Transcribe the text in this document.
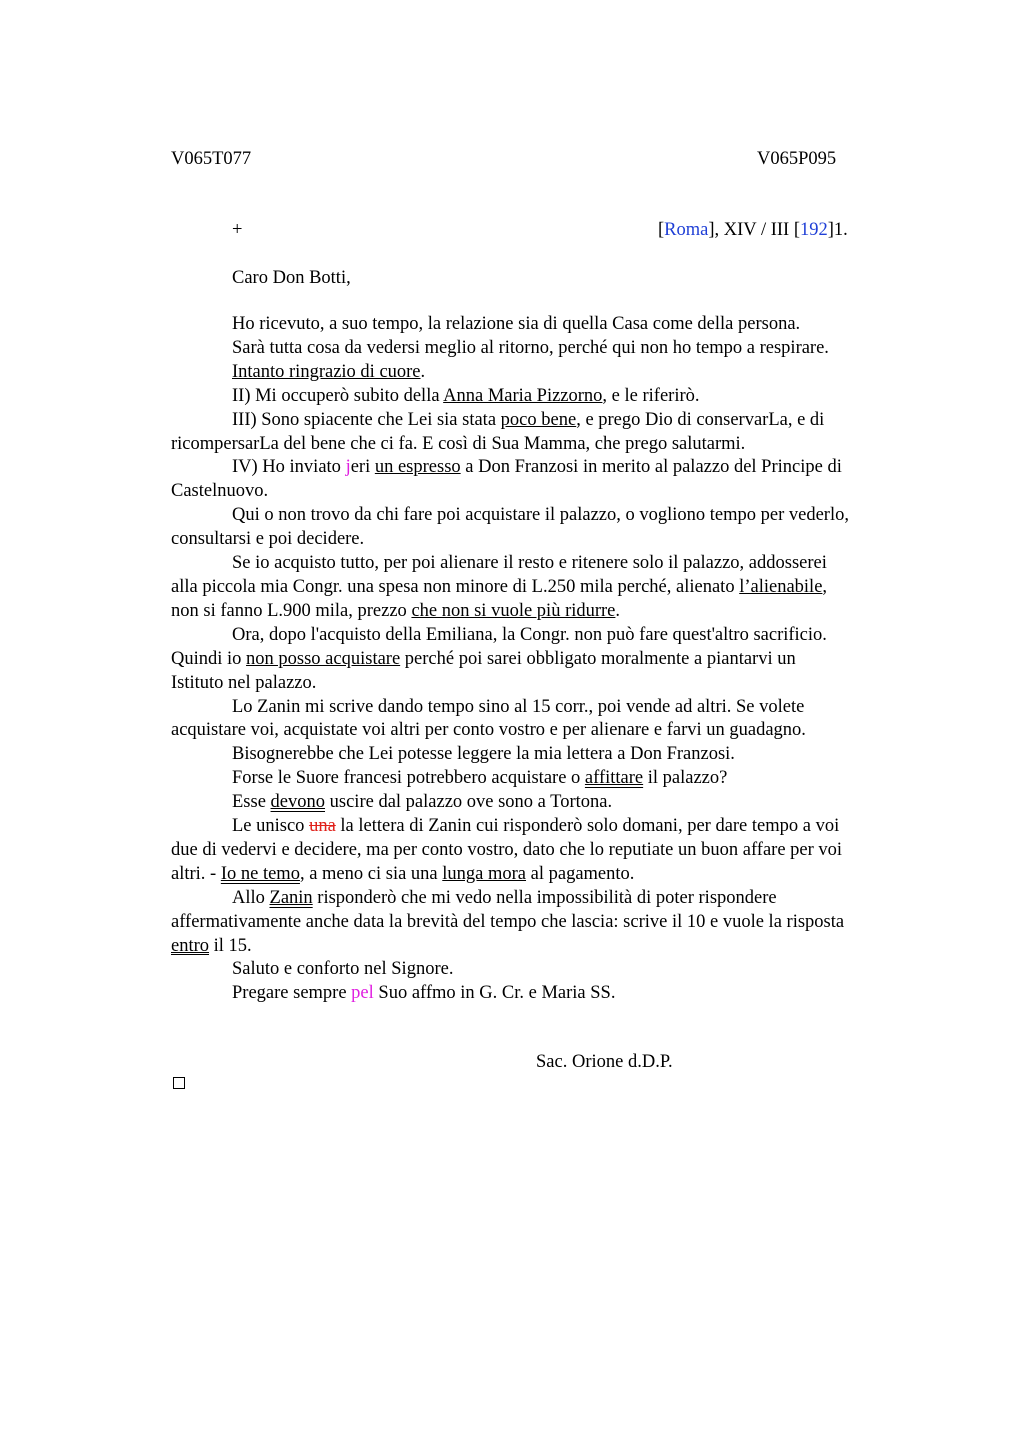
V065T077	V065P095
+	[Roma], XIV / III [192]1.
Caro Don Botti,
Ho ricevuto, a suo tempo, la relazione sia di quella Casa come della persona.
Sarà tutta cosa da vedersi meglio al ritorno, perché qui non ho tempo a respirare.
Intanto ringrazio di cuore.
II) Mi occuperò subito della Anna Maria Pizzorno, e le riferirò.
III) Sono spiacente che Lei sia stata poco bene, e prego Dio di conservarLa, e di
ricompersarLa del bene che ci fa. E così di Sua Mamma, che prego salutarmi.
IV) Ho inviato jeri un espresso a Don Franzosi in merito al palazzo del Principe di
Castelnuovo.
Qui o non trovo da chi fare poi acquistare il palazzo, o vogliono tempo per vederlo,
consultarsi e poi decidere.
Se io acquisto tutto, per poi alienare il resto e ritenere solo il palazzo, addosserei
alla piccola mia Congr. una spesa non minore di L.250 mila perché, alienato l’alienabile,
non si fanno L.900 mila, prezzo che non si vuole più ridurre.
Ora, dopo l'acquisto della Emiliana, la Congr. non può fare quest'altro sacrificio.
Quindi io non posso acquistare perché poi sarei obbligato moralmente a piantarvi un
Istituto nel palazzo.
Lo Zanin mi scrive dando tempo sino al 15 corr., poi vende ad altri. Se volete
acquistare voi, acquistate voi altri per conto vostro e per alienare e farvi un guadagno.
Bisognerebbe che Lei potesse leggere la mia lettera a Don Franzosi.
Forse le Suore francesi potrebbero acquistare o affittare il palazzo?
Esse devono uscire dal palazzo ove sono a Tortona.
Le unisco una la lettera di Zanin cui risponderò solo domani, per dare tempo a voi
due di vedervi e decidere, ma per conto vostro, dato che lo reputiate un buon affare per voi
altri. - Io ne temo, a meno ci sia una lunga mora al pagamento.
Allo Zanin risponderò che mi vedo nella impossibilità di poter rispondere
affermativamente anche data la brevità del tempo che lascia: scrive il 10 e vuole la risposta
entro il 15.
Saluto e conforto nel Signore.
Pregare sempre pel Suo affmo in G. Cr. e Maria SS.
Sac. Orione d.D.P.
